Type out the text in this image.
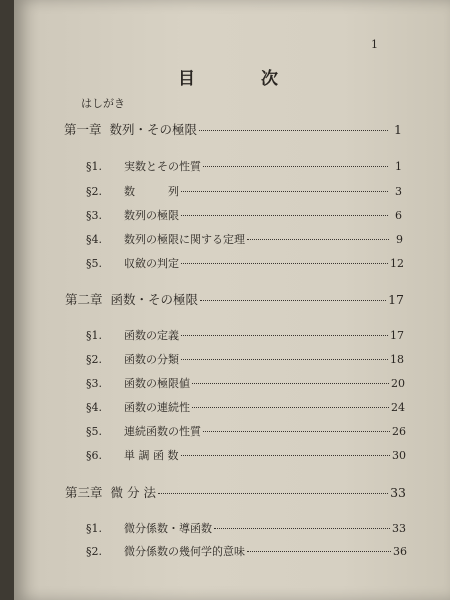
1
目	次
はしがき
第一章 数列・その極限	1
§1.	実数とその性質	1
§2.	数　　　列	3
§3.	数列の極限	6
§4.	数列の極限に関する定理	9
§5.	収斂の判定	12
第二章 函数・その極限	17
§1.	函数の定義	17
§2.	函数の分類	18
§3.	函数の極限値	20
§4.	函数の連続性	24
§5.	連続函数の性質	26
§6.	単 調 函 数	30
第三章 微 分 法	33
§1.	微分係数・導函数	33
§2.	微分係数の幾何学的意味	36
